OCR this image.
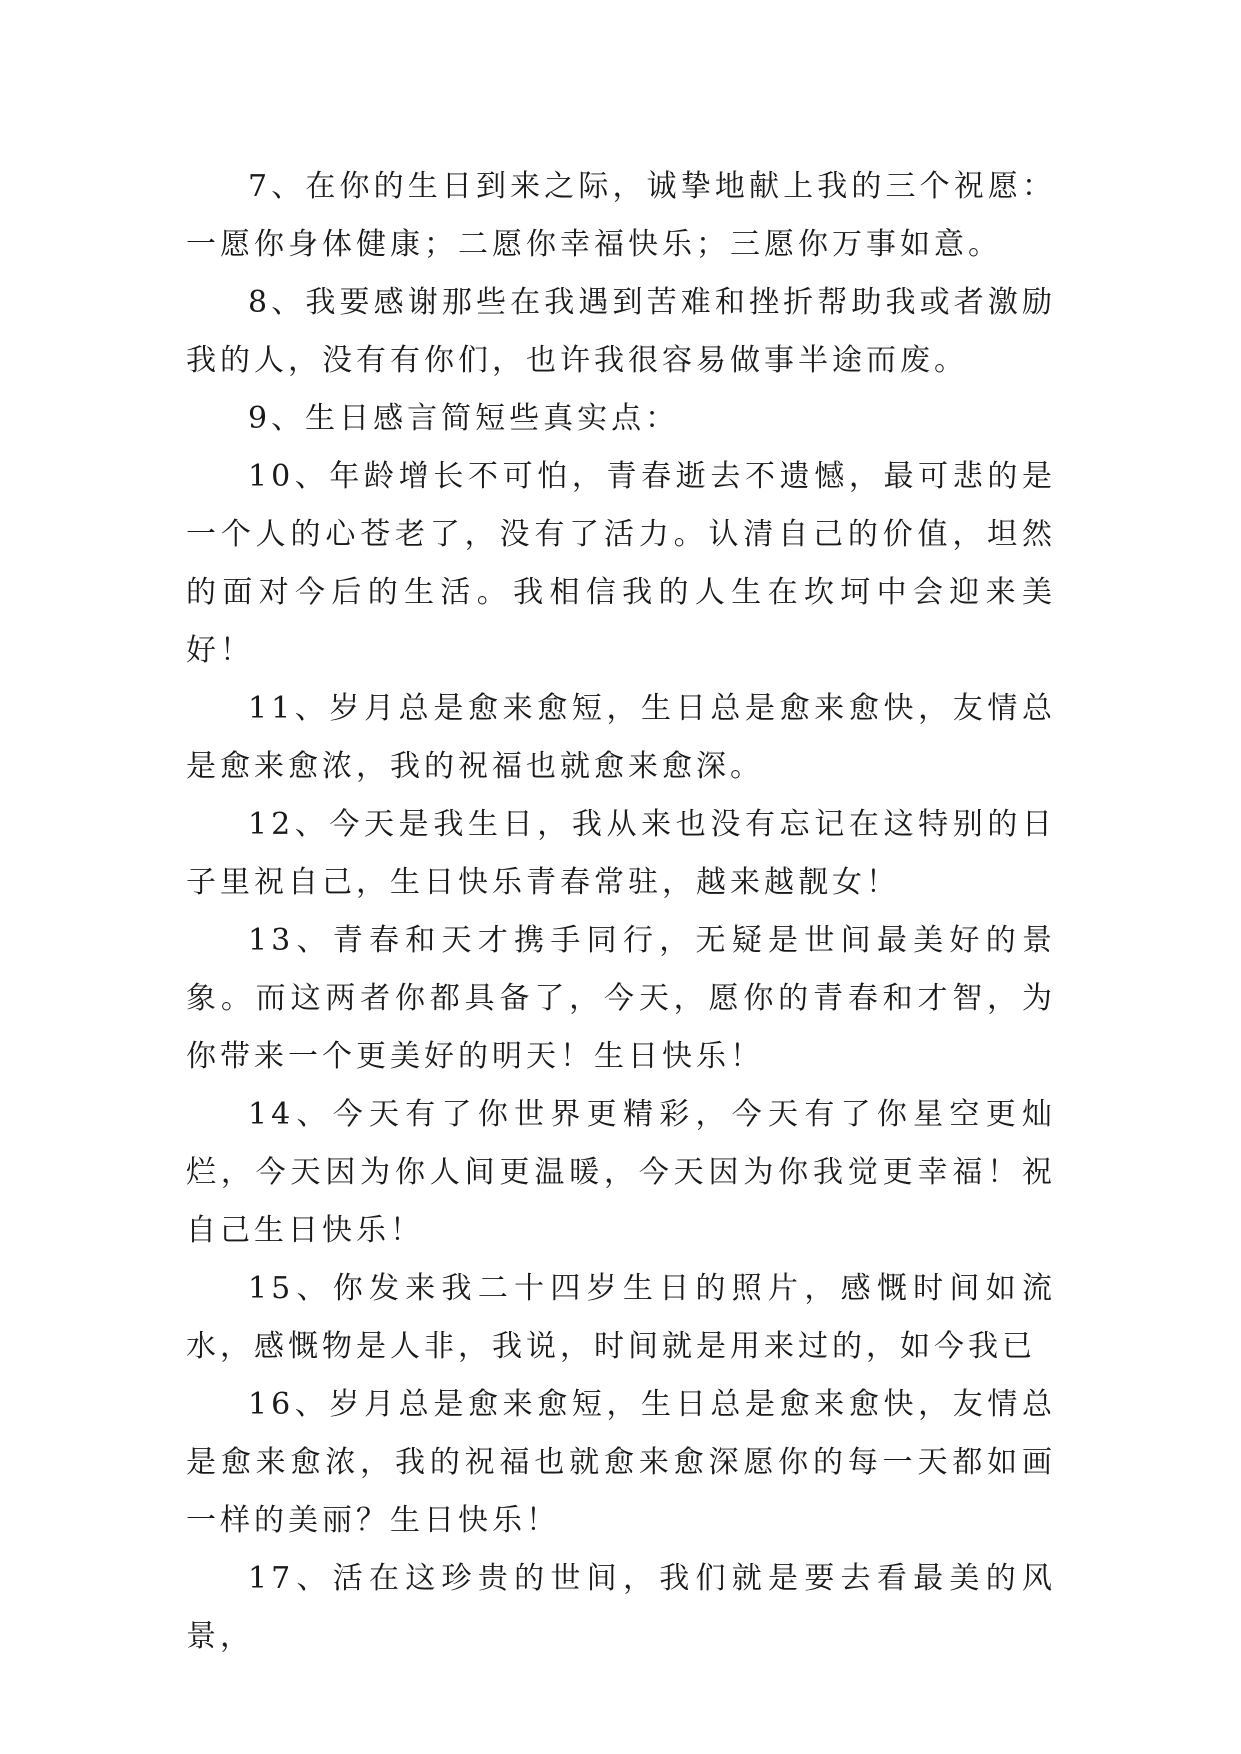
7、在你的生日到来之际，诚挚地献上我的三个祝愿：一愿你身体健康；二愿你幸福快乐；三愿你万事如意。

8、我要感谢那些在我遇到苦难和挫折帮助我或者激励我的人，没有有你们，也许我很容易做事半途而废。

9、生日感言简短些真实点：

10、年龄增长不可怕，青春逝去不遗憾，最可悲的是一个人的心苍老了，没有了活力。认清自己的价值，坦然的面对今后的生活。我相信我的人生在坎坷中会迎来美好！

11、岁月总是愈来愈短，生日总是愈来愈快，友情总是愈来愈浓，我的祝福也就愈来愈深。

12、今天是我生日，我从来也没有忘记在这特别的日子里祝自己，生日快乐青春常驻，越来越靓女！

13、青春和天才携手同行，无疑是世间最美好的景象。而这两者你都具备了，今天，愿你的青春和才智，为你带来一个更美好的明天！生日快乐！

14、今天有了你世界更精彩，今天有了你星空更灿烂，今天因为你人间更温暖，今天因为你我觉更幸福！祝自己生日快乐！

15、你发来我二十四岁生日的照片，感慨时间如流水，感慨物是人非，我说，时间就是用来过的，如今我已

16、岁月总是愈来愈短，生日总是愈来愈快，友情总是愈来愈浓，我的祝福也就愈来愈深愿你的每一天都如画一样的美丽？生日快乐！

17、活在这珍贵的世间，我们就是要去看最美的风景，
